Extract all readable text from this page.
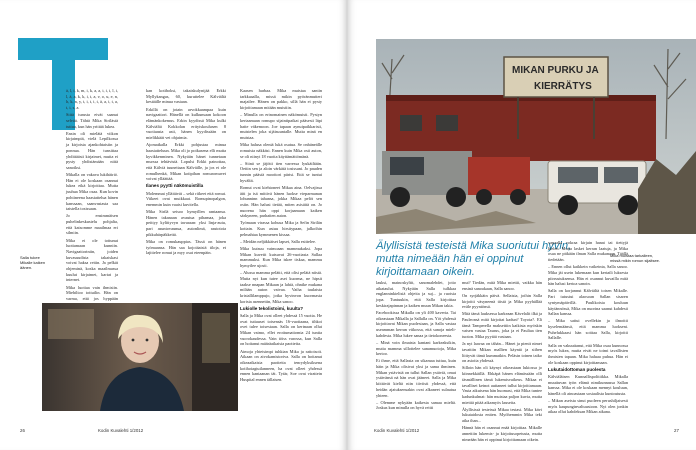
ä, l, i, k, m, i, k, a, a, i, i, i, l, i, l, ä, a, k, k, i, t, a, v, o, u, e, n, h, k, n, y, t, i, t, i, t, ä, a, i, t, a, t, i, s, a.

Siitä turusta eivät saanut selvää. Tähtä Mika Sirilästä tuttua, kun hän yrittää lukea.

Ensin oli mielätä viikon kirjaimpiä, vielä Lepilkossa ja kirjoista ajankohtaisiin ja ponnua. Hän tunsittaa yhdittäästi kirjaimet, mutta ei pysty yhdistämään niitä sanoiksi.

Mikalla on vakava lukihäiriö. Hän ei ole koskaan osannut lukea eikä kirjoittaa. Mutta juuhua Mika osaa. Kun kovin pohtineena haastattelua hänen kanssaan, saanvastasta saa taistella tosissaan.

Jo ensimmäisen puhelinkeskustelu pohjalta, että katsomme maailmaa eri silmiin.

Mika ei ole tottunut luottamaan kunniin. Navigaattoriniin, joiden kuvasuudista takaiskasi voivat haksa reitin. Ja pelkät ohjeminä, koska maailmassa kuulut kirjaimet, kartat ja internet.

Mika luottaa vain ihmisiin. Miehiltoo tottuilin. Hän on varma, että jos hyppään

kan kotiboksi, takaiskulyntjää Erkki Myllykangas, 60, kuruttelee Kälviältä kestäälle minua vastaan.

Erkillä on jotain arvokkaampaa kuin navigaattori. Hänellä on kulkunsaan kokoon elämänkokemus. Erkin kyydissä Mika kulki Kälviältä Kokkolan erityiskoulusen 8 vuotiaasta asti, hänen kyydissään on mielikkäät vei ohjaimia.

Ajomatkalla Erkki pohjustaa minua haastatteluun. Mika oli jo poikasena elli mutta kyvikkenminen. Nykyään hänet tunnetaan murssa tehtävistä. Lopulsi Erkki painottaa, että Kälviä tuuneitaan Kälviälle, ja jos ei ole romulhenkä, Mikan kotipihan romuromuvet voivat ylläättää.

Ilanes pyytti näkömuistilla

Molemmat ylläitävät – sekä riikeet että romut. Viikeet ovat muikkaat. Romupinopalgon, enemmin kuin vaaisi kuvitella.

Mika Sirilä seisoo hymyillen rantaansa. Hänen takanaan avautua pihamaa, joka peittyy kylittyvyn tavaraan: yksi linja-autu, pari asuntovaunua, autonlimä, rautotoia pikkuhärpäkkeitä.

Mika on romukauppias. Tässä on hänen työmaansa. Hän saa kojoiäaisiä tiloja, et lajittelee romut ja myy osat eteenpäin.

Kaasen harbaa. Mika muistaa santin tarkkaaalla, missä mikin pyöränmutteri majailee. Hänen on pakko, sillä hän ei pysty kirjoittamaan mitään muistiin.

– Minulla on erinomainen näkömuisti. Pystyn kertaamaan romupo sijaintipaikat pääsesti läpi hatte väkemoon. Joe tapaan aynuipaikkaristi, muistelen joka sijäisuuntalle. Mutta minä en muistaa.

Mika halusa oleniä lukä osatua. Se onhäneälle romuista näkkäsi. Ennen kuin Mika osti auton, se oli niinyt 18 vuotta käyttämättömänä.

– Siinä se jäjötti tien varressa lyukäiltään. Oettin sen ja aloin värkätä tosissani. Jo pauden tunnin päästä moottori pärisi. Että se tuntui hyvältä.

Romut ovat kiehtoneet Mikaa aina. Oelvajissa äiti ja isä mittivä hänen luokse vieparmanan lohunninn tahansa, jokka Mikaa pelöt sen osiin. Hän halusi tietää, miten asisäitä on. Jo nuorena hän oppi korjaamaan kaiken särkyneen, parhaiten auton.

Työmaan virassa kohusa Mika ja Sefin Sirilän kottain. Kun astuu hirsitypaan, jalkoihin pelmahtaa kymmenen kissaa.

– Meidän neljäkkäiset lapset, Salla esittelee.

Mika kutsuu vaimoaan mammukaksi. Jopa Mikan kuvetit kutsuvat 26-vuotiasta Sallaa mammuksi. Kun Mika iskee tiskaa, mammu hymyilee ujosti.

– Alussa mamma pelätti, että olisi pelätä niistä. Mutta nyt kun tutee asei kuorma, ne hipsit taakse nnapan Mikaan ja lahiä, ohnike mukana milään auton vaivaa. Vaiha taulaista kristallilamppujo, jotka hyvinvon kuormasta korista asennettin, Mika sanoo.

Lukiolle tekolistoimi, kuulta?

Salla ja Mika ovat olleet yhdessä 15 vuotta. He ovat tuttauset toisensäs 16-vuotiaana, tihkoi ovet tulee toisestaan. Salla on kertnaan ollut Mikan vaimo, ellet erottumattomia 24 tuntia vuorokaudessa. Vain töiss varossa, kun Salla on hoitanut määräaikaisia paotteita.

Aimoja yhteisimpi tuhkian Mika ja rattoisoit. Aikaan on aivokamistoriva. Salla on hoitanut oikeaaikaisia paotteita tenrydyksiksena kotihoiagtuilanneen, ha ovat olleet yhdessä ennen kantaanan tät. Tytär, Soe ovat virattein Huspital ennen tällaisen.

Salla tukee Mikalle kaiken äänen.
26	Kodin Kuvalehti 1/2012
MIKAN PURKU JA
KIERRÄTYS
Älyllisistä testeistä Mika suoriutui hyvin, mutta nimeään hän ei oppinut kirjoittamaan oikein.
Mika muistaa tarkalleen, missä mikin romun sijaitsee.

lauksi, mainoskyltit, sanomalehdet, jotto aikataulut. Nykyään Salla tulkkaa englanninkielisiä ohjeita ja suj... ja ruotsia jopa. Tuntuukin, että Salla kirjoittaa keskirajapinnan ja kaiken muun Mikan takia.

Facebookissa Mikalla on yli 400 kaveria. Tai oikeastaan Mikalla ja Sallalla on. Yöt yhdessä kirjoittavat Mikan puolestaan, ja Salla vastaa useamman kerran viikossa, että sanoja mieli-kahdesta. Mika lukee sanaa ja tietokoneesta.

– Minä voin ilmaista kantani karkeaksikin, mutta mamma sillottelee sanamuotoja, Mika kertoo.

Ei ihme, että Sallasta on sikamaa tuttua, kuin häin ja Mika olisivat yksi ja sama ihminen. Mikan ystävistä on tullut Sallan ystäviä, omat ystävänsä nä hän ovat jääneet. Salla ja Mika kiittävät kieltä niin tiiviisti yhdessä, että heidän ajatuksensakin ovat alkaneet sulautua yhteen.

– Olemme nykyään kaikesta samaa mieltä. Joskus kun minulla on hyvä reitti

mut? Tiedän, mitä Mika miettii, vaikka hän ensinä sanoakaan, Salla sanoo.

On syrjäkkäin päivä. Sellaisia, joihin Salla kirjoitti väsyneenä tiistä ja Mika pyyhällää eväle pyyntönsä.

Mitä tämä lauksessa karkeaan Kävelalit ilkä ja Pauleonsä mitä kirjoitat kadun? Toyota?. Eli tämä Tamperella maksettiin kaikista myöskin vaisen vastaa Taurus, joka ja ei Pauliaa tien tuoton. Mika pyytää vastaan.

Ja nyt laavaa on tähän... Hänet ja pienit nimet tavattiin Mikan mallien käyntä ja siihen liittyvät tämä kummatkin. Peläsin toinen taiko on asioita yhdessä.

Silloin hän oli käynyt oikeastaan lukiossa jo kiinnekkäillä. Ehkäpä hänen elämässään olli täsmällinen tämä lukemisvaikeus. Mikaa ei tavalliset keinot auttaneet tullut kirjoittamaan. Vasta aikuisena hän huomasi, että Mika tuntee kadunkulmat: hän muistaa paljon kuvia, mutta miettiä pitää aikamyös lauseita.

Älyllisissä testeissä Mikaa testasi. Mika kävi lukutaidosta eniten. Myöhemmin Mika teki aika ihan...

Hännä hän ei osannut enää kirjoittaa. Mikalle annettiin lukemis- ja kirjoitusopetusta, mutta nimeään hän ei oppinut kirjoittamaan oikein.

vapaalla vokraa kirjain hanat tai tiettyjä kielen. Mutta lasket kerran laatuja, ja Mika osaa ne pitkään ilman Salla mukanaan. Täällä tiedetään.

– Ennen ollut kaikkein vaikeinta, Salla sanoo. Mika jäi usein lukemaan kun kertaili luksesta piirrustuksensa. Hän ei osannut kuvailla mitä hän halusi kertoa sanoin.

Salla on korjannut Kälviältä toisen Mikalle. Pari tutustui alaosoan Sallan sisaren syntymäpäivillä. Paulikoista kouluun käytännössä, Mika on nuorina saanut kahdesti Sallan kanssa.

– Mika sattui ovellekin ja ilmoitti kyselemäänsä, että mamma luokseni. Puhelukkaasi hän soittaa Salla, kirjoitti Sallalle.

Salla on vakuuttanut, että Mika osaa kunnossa myös lukea, mutta eivät ne toimi tavallisten ihmisten tapaan. Mika haluaa puhua. Hän ei ole koskaan oppinut kirjoittamaan.

Lukutaidottoman puolesta

Kälviäläisen Kunnallispolitiikka. Mikalla muuttuvan työn elämä nimikunnassa Sallan kanssa. Mika ei ole koskaan mennyt kouluun, hänellä oli ainoastaan sosiaalista kuntoutusta.

– Mikan aseista sinut puoleen perushiljaisesti myös kaupunginvaltuustoon. Nyt olen jonkin aikaa ollut kahdeksan Mikan aikana.

Kodin Kuvalehti 1/2012	27
